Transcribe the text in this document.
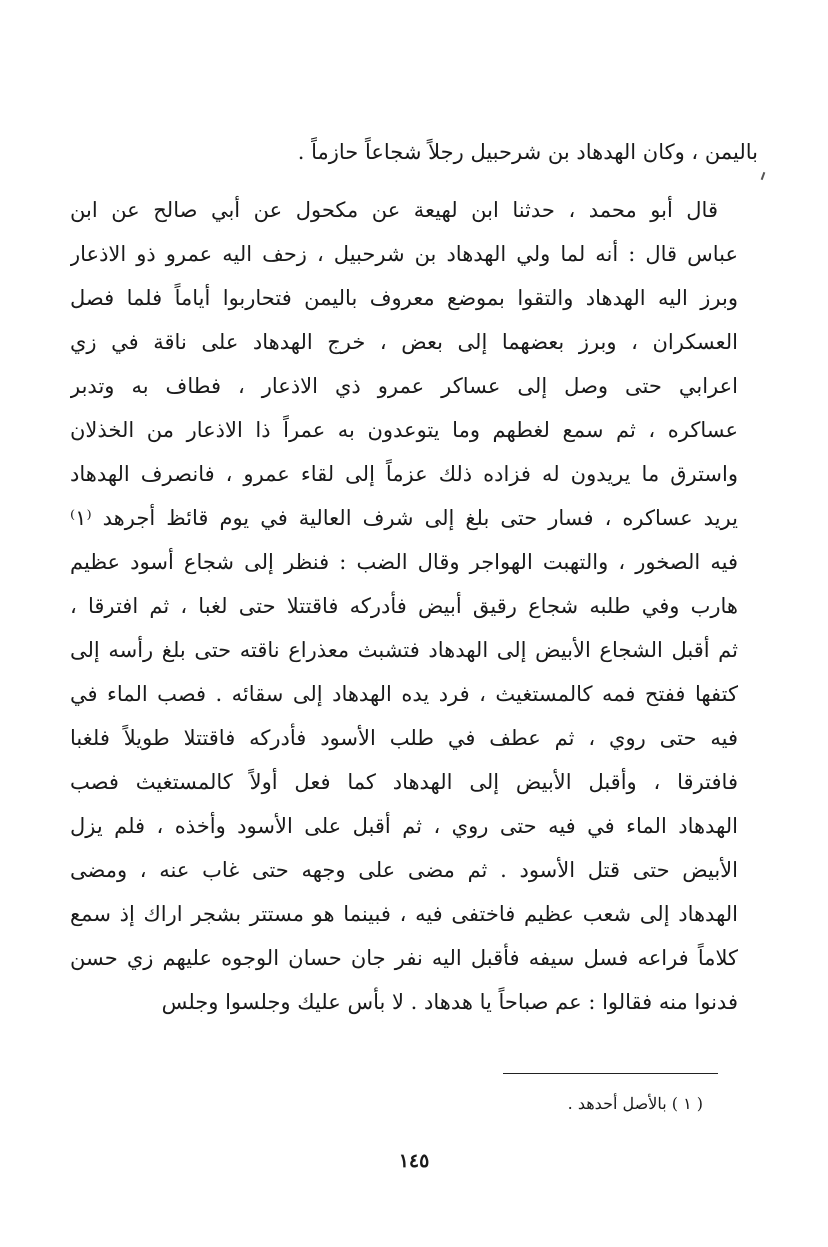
باليمن ، وكان الهدهاد بن شرحبيل رجلاً شجاعاً حازماً .
قال أبو محمد ، حدثنا ابن لهيعة عن مكحول عن أبي صالح عن ابن
عباس قال : أنه لما ولي الهدهاد بن شرحبيل ، زحف اليه عمرو ذو الاذعار
وبرز اليه الهدهاد والتقوا بموضع معروف باليمن فتحاربوا أياماً فلما فصل
العسكران ، وبرز بعضهما إلى بعض ، خرج الهدهاد على ناقة في زي
اعرابي حتى وصل إلى عساكر عمرو ذي الاذعار ، فطاف به وتدبر
عساكره ، ثم سمع لغطهم وما يتوعدون به عمراً ذا الاذعار من الخذلان
واسترق ما يريدون له فزاده ذلك عزماً إلى لقاء عمرو ، فانصرف الهدهاد
يريد عساكره ، فسار حتى بلغ إلى شرف العالية في يوم قائظ أجرهد ⁽١⁾
فيه الصخور ، والتهبت الهواجر وقال الضب : فنظر إلى شجاع أسود عظيم
هارب وفي طلبه شجاع رقيق أبيض فأدركه فاقتتلا حتى لغبا ، ثم افترقا ،
ثم أقبل الشجاع الأبيض إلى الهدهاد فتشبث معذراع ناقته حتى بلغ رأسه إلى
كتفها ففتح فمه كالمستغيث ، فرد يده الهدهاد إلى سقائه . فصب الماء في
فيه حتى روي ، ثم عطف في طلب الأسود فأدركه فاقتتلا طويلاً فلغبا
فافترقا ، وأقبل الأبيض إلى الهدهاد كما فعل أولاً كالمستغيث فصب
الهدهاد الماء في فيه حتى روي ، ثم أقبل على الأسود وأخذه ، فلم يزل
الأبيض حتى قتل الأسود . ثم مضى على وجهه حتى غاب عنه ، ومضى
الهدهاد إلى شعب عظيم فاختفى فيه ، فبينما هو مستتر بشجر اراك إذ سمع
كلاماً فراعه فسل سيفه فأقبل اليه نفر جان حسان الوجوه عليهم زي حسن
فدنوا منه فقالوا : عم صباحاً يا هدهاد . لا بأس عليك وجلسوا وجلس
( ١ ) بالأصل أحدهد .
١٤٥
